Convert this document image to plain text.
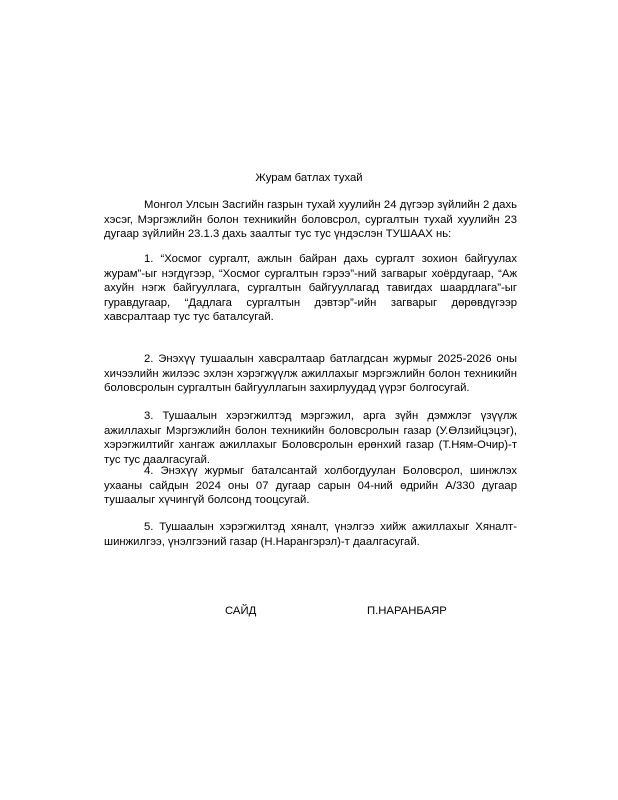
Журам батлах тухай

Монгол Улсын Засгийн газрын тухай хуулийн 24 дүгээр зүйлийн 2 дахь хэсэг, Мэргэжлийн болон техникийн боловсрол, сургалтын тухай хуулийн 23 дугаар зүйлийн 23.1.3 дахь заалтыг тус тус үндэслэн ТУШААХ нь:

1. “Хосмог сургалт, ажлын байран дахь сургалт зохион байгуулах журам”-ыг нэгдүгээр, “Хосмог сургалтын гэрээ”-ний загварыг хоёрдугаар, “Аж ахуйн нэгж байгууллага, сургалтын байгууллагад тавигдах шаардлага”-ыг гуравдугаар, “Дадлага сургалтын дэвтэр”-ийн загварыг дөрөвдүгээр хавсралтаар тус тус баталсугай.

2. Энэхүү тушаалын хавсралтаар батлагдсан журмыг 2025-2026 оны хичээлийн жилээс эхлэн хэрэгжүүлж ажиллахыг мэргэжлийн болон техникийн боловсролын сургалтын байгууллагын захирлуудад үүрэг болгосугай.

3. Тушаалын хэрэгжилтэд мэргэжил, арга зүйн дэмжлэг үзүүлж ажиллахыг Мэргэжлийн болон техникийн боловсролын газар (У.Өлзийцэцэг), хэрэгжилтийг хангаж ажиллахыг Боловсролын ерөнхий газар (Т.Ням-Очир)-т тус тус даалгасугай.

4. Энэхүү журмыг баталсантай холбогдуулан Боловсрол, шинжлэх ухааны сайдын 2024 оны 07 дугаар сарын 04-ний өдрийн А/330 дугаар тушаалыг хүчингүй болсонд тооцсугай.

5. Тушаалын хэрэгжилтэд хяналт, үнэлгээ хийж ажиллахыг Хяналт-шинжилгээ, үнэлгээний газар (Н.Нарангэрэл)-т даалгасугай.

САЙД	П.НАРАНБАЯР
